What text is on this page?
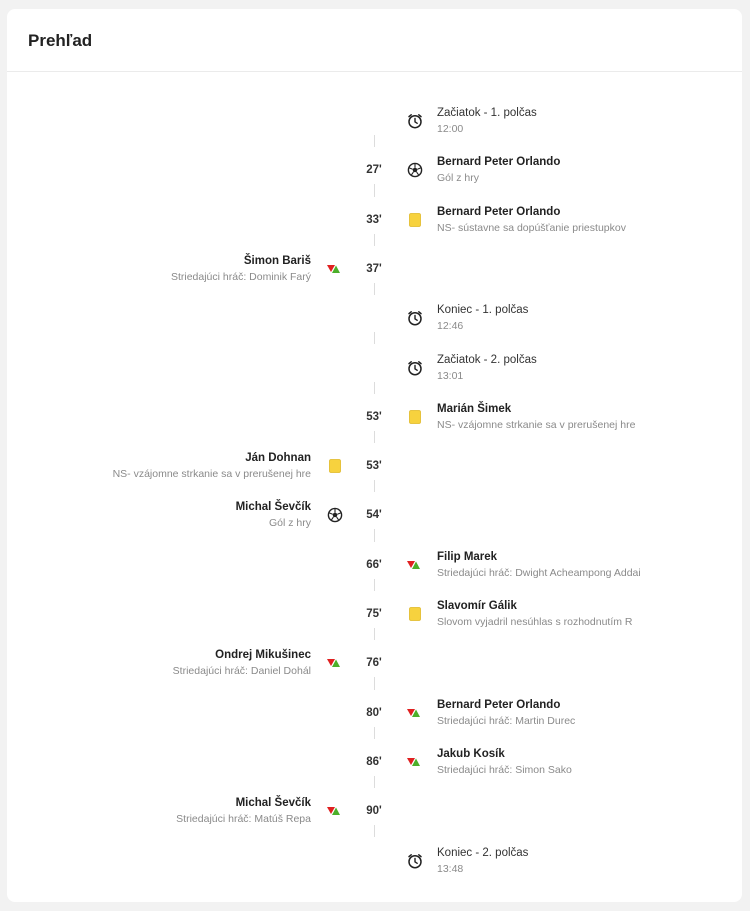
Prehľad
Začiatok - 1. polčas
12:00
27'
Bernard Peter Orlando
Gól z hry
33'
Bernard Peter Orlando
NS- sústavne sa dopúšťanie priestupkov
37'
Šimon Bariš
Striedajúci hráč: Dominik Farý
Koniec - 1. polčas
12:46
Začiatok - 2. polčas
13:01
53'
Marián Šimek
NS- vzájomne strkanie sa v prerušenej hre
53'
Ján Dohnan
NS- vzájomne strkanie sa v prerušenej hre
54'
Michal Ševčík
Gól z hry
66'
Filip Marek
Striedajúci hráč: Dwight Acheampong Addai
75'
Slavomír Gálik
Slovom vyjadril nesúhlas s rozhodnutím R
76'
Ondrej Mikušinec
Striedajúci hráč: Daniel Dohál
80'
Bernard Peter Orlando
Striedajúci hráč: Martin Durec
86'
Jakub Kosík
Striedajúci hráč: Simon Sako
90'
Michal Ševčík
Striedajúci hráč: Matúš Repa
Koniec - 2. polčas
13:48
